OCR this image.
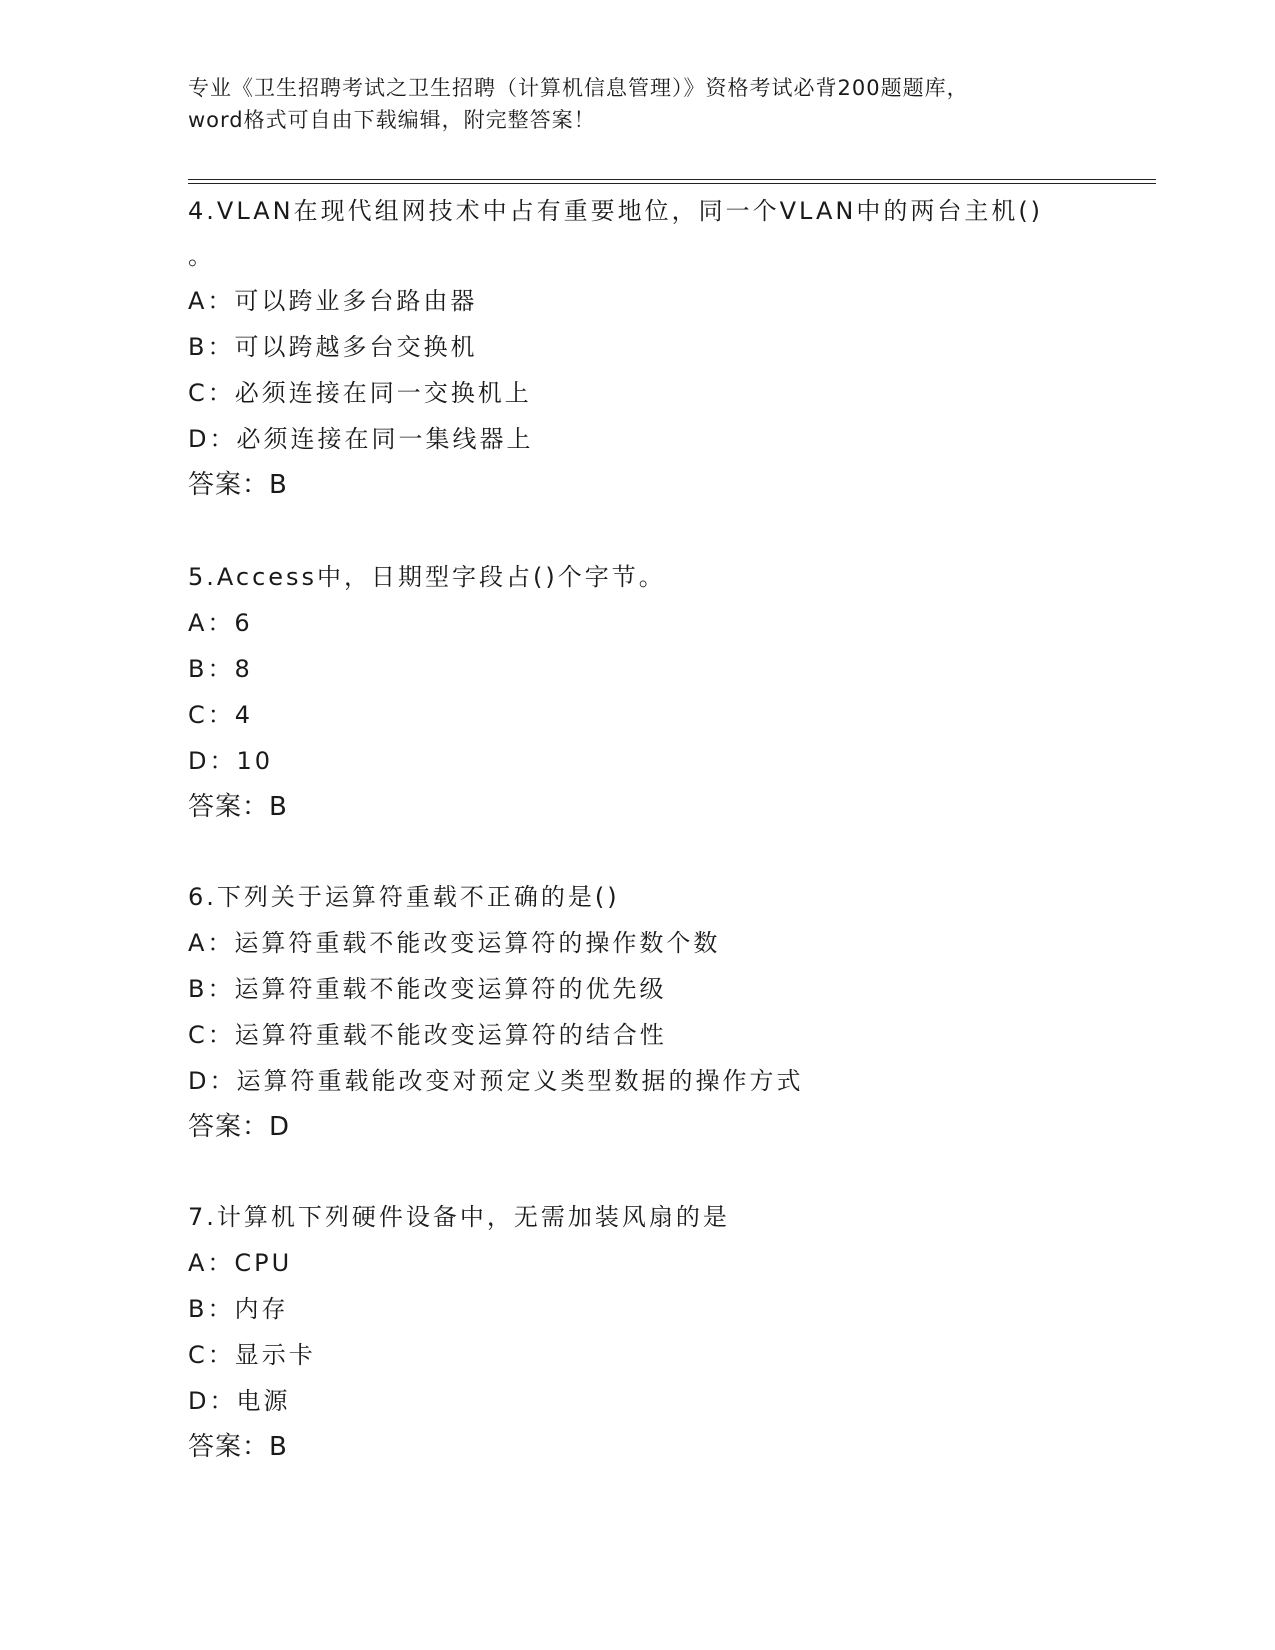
专业《卫生招聘考试之卫生招聘（计算机信息管理）》资格考试必背200题题库，
word格式可自由下载编辑，附完整答案！
4.VLAN在现代组网技术中占有重要地位，同一个VLAN中的两台主机()
。
A：可以跨业多台路由器
B：可以跨越多台交换机
C：必须连接在同一交换机上
D：必须连接在同一集线器上
答案：B
5.Access中，日期型字段占()个字节。
A：6
B：8
C：4
D：10
答案：B
6.下列关于运算符重载不正确的是()
A：运算符重载不能改变运算符的操作数个数
B：运算符重载不能改变运算符的优先级
C：运算符重载不能改变运算符的结合性
D：运算符重载能改变对预定义类型数据的操作方式
答案：D
7.计算机下列硬件设备中，无需加装风扇的是
A：CPU
B：内存
C：显示卡
D：电源
答案：B
